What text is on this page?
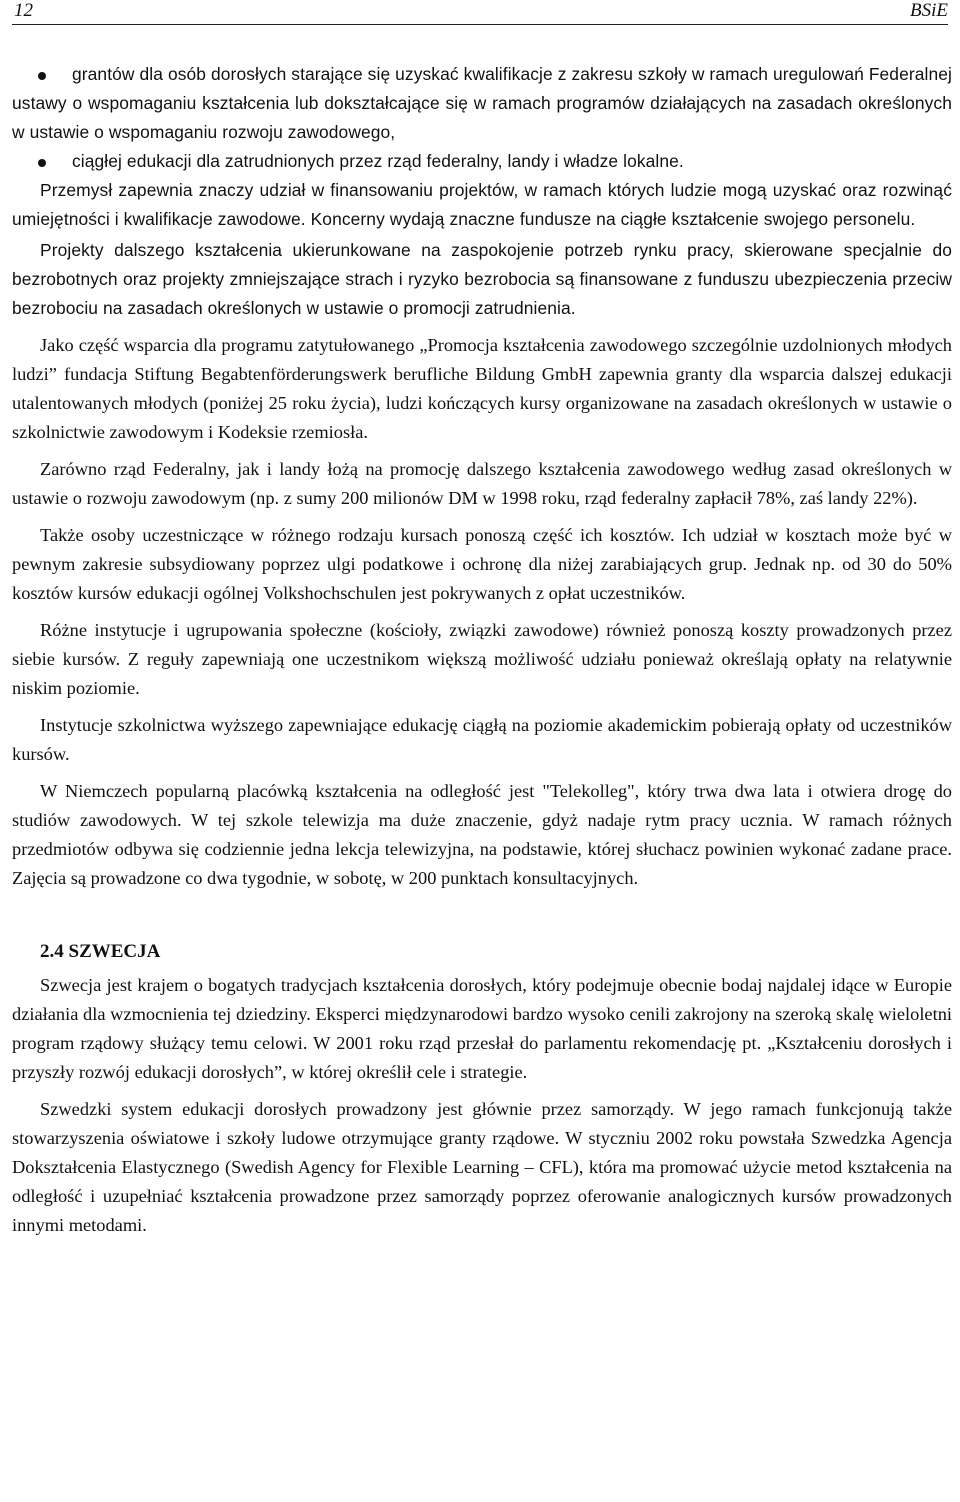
12	BSiE
grantów dla osób dorosłych starające się uzyskać kwalifikacje z zakresu szkoły w ramach uregulowań Federalnej ustawy o wspomaganiu kształcenia lub dokształcające się w ramach programów działających na zasadach określonych w ustawie o wspomaganiu rozwoju zawodowego,
ciągłej edukacji dla zatrudnionych przez rząd federalny, landy i władze lokalne.

Przemysł zapewnia znaczy udział w finansowaniu projektów, w ramach których ludzie mogą uzyskać oraz rozwinąć umiejętności i kwalifikacje zawodowe. Koncerny wydają znaczne fundusze na ciągłe kształcenie swojego personelu.

Projekty dalszego kształcenia ukierunkowane na zaspokojenie potrzeb rynku pracy, skierowane specjalnie do bezrobotnych oraz projekty zmniejszające strach i ryzyko bezrobocia są finansowane z funduszu ubezpieczenia przeciw bezrobociu na zasadach określonych w ustawie o promocji zatrudnienia.

Jako część wsparcia dla programu zatytułowanego „Promocja kształcenia zawodowego szczególnie uzdolnionych młodych ludzi” fundacja Stiftung Begabtenförderungswerk berufliche Bildung GmbH zapewnia granty dla wsparcia dalszej edukacji utalentowanych młodych (poniżej 25 roku życia), ludzi kończących kursy organizowane na zasadach określonych w ustawie o szkolnictwie zawodowym i Kodeksie rzemiosła.

Zarówno rząd Federalny, jak i landy łożą na promocję dalszego kształcenia zawodowego według zasad określonych w ustawie o rozwoju zawodowym (np. z sumy 200 milionów DM w 1998 roku, rząd federalny zapłacił 78%, zaś landy 22%).

Także osoby uczestniczące w różnego rodzaju kursach ponoszą część ich kosztów. Ich udział w kosztach może być w pewnym zakresie subsydiowany poprzez ulgi podatkowe i ochronę dla niżej zarabiających grup. Jednak np. od 30 do 50% kosztów kursów edukacji ogólnej Volkshochschulen jest pokrywanych z opłat uczestników.

Różne instytucje i ugrupowania społeczne (kościoły, związki zawodowe) również ponoszą koszty prowadzonych przez siebie kursów. Z reguły zapewniają one uczestnikom większą możliwość udziału ponieważ określają opłaty na relatywnie niskim poziomie.

Instytucje szkolnictwa wyższego zapewniające edukację ciągłą na poziomie akademickim pobierają opłaty od uczestników kursów.

W Niemczech popularną placówką kształcenia na odległość jest "Telekolleg", który trwa dwa lata i otwiera drogę do studiów zawodowych. W tej szkole telewizja ma duże znaczenie, gdyż nadaje rytm pracy ucznia. W ramach różnych przedmiotów odbywa się codziennie jedna lekcja telewizyjna, na podstawie, której słuchacz powinien wykonać zadane prace. Zajęcia są prowadzone co dwa tygodnie, w sobotę, w 200 punktach konsultacyjnych.

2.4 SZWECJA

Szwecja jest krajem o bogatych tradycjach kształcenia dorosłych, który podejmuje obecnie bodaj najdalej idące w Europie działania dla wzmocnienia tej dziedziny. Eksperci międzynarodowi bardzo wysoko cenili zakrojony na szeroką skalę wieloletni program rządowy służący temu celowi. W 2001 roku rząd przesłał do parlamentu rekomendację pt. „Kształceniu dorosłych i przyszły rozwój edukacji dorosłych”, w której określił cele i strategie.

Szwedzki system edukacji dorosłych prowadzony jest głównie przez samorządy. W jego ramach funkcjonują także stowarzyszenia oświatowe i szkoły ludowe otrzymujące granty rządowe. W styczniu 2002 roku powstała Szwedzka Agencja Dokształcenia Elastycznego (Swedish Agency for Flexible Learning – CFL), która ma promować użycie metod kształcenia na odległość i uzupełniać kształcenia prowadzone przez samorządy poprzez oferowanie analogicznych kursów prowadzonych innymi metodami.
